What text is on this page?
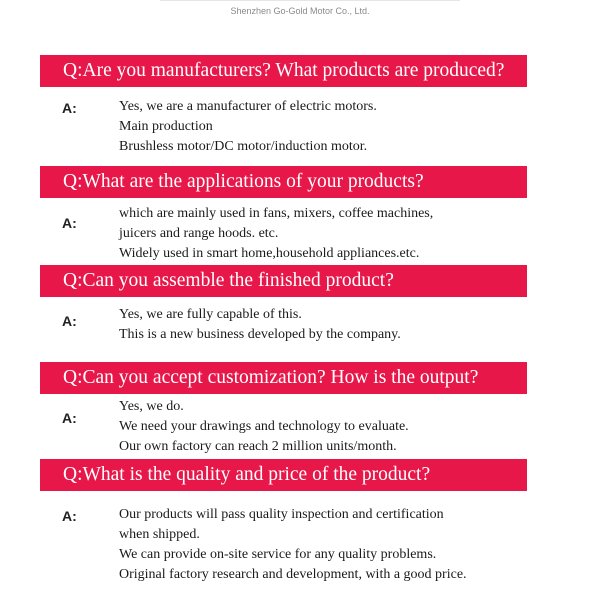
Shenzhen Go-Gold Motor Co., Ltd.
Q:Are you manufacturers? What products are produced?
A:	Yes, we are a manufacturer of electric motors.
Main production
Brushless motor/DC motor/induction motor.
Q:What are the applications of your products?
A:
which are mainly used in fans, mixers, coffee machines,
juicers and range hoods. etc.
Widely used in smart home,household appliances.etc.
Q:Can you assemble the finished product?
A:	Yes, we are fully capable of this.
This is a new business developed by the company.
Q:Can you accept customization? How is the output?
A:
Yes, we do.
We need your drawings and technology to evaluate.
Our own factory can reach 2 million units/month.
Q:What is the quality and price of the product?
A:	Our products will pass quality inspection and certification
when shipped.
We can provide on-site service for any quality problems.
Original factory research and development, with a good price.
